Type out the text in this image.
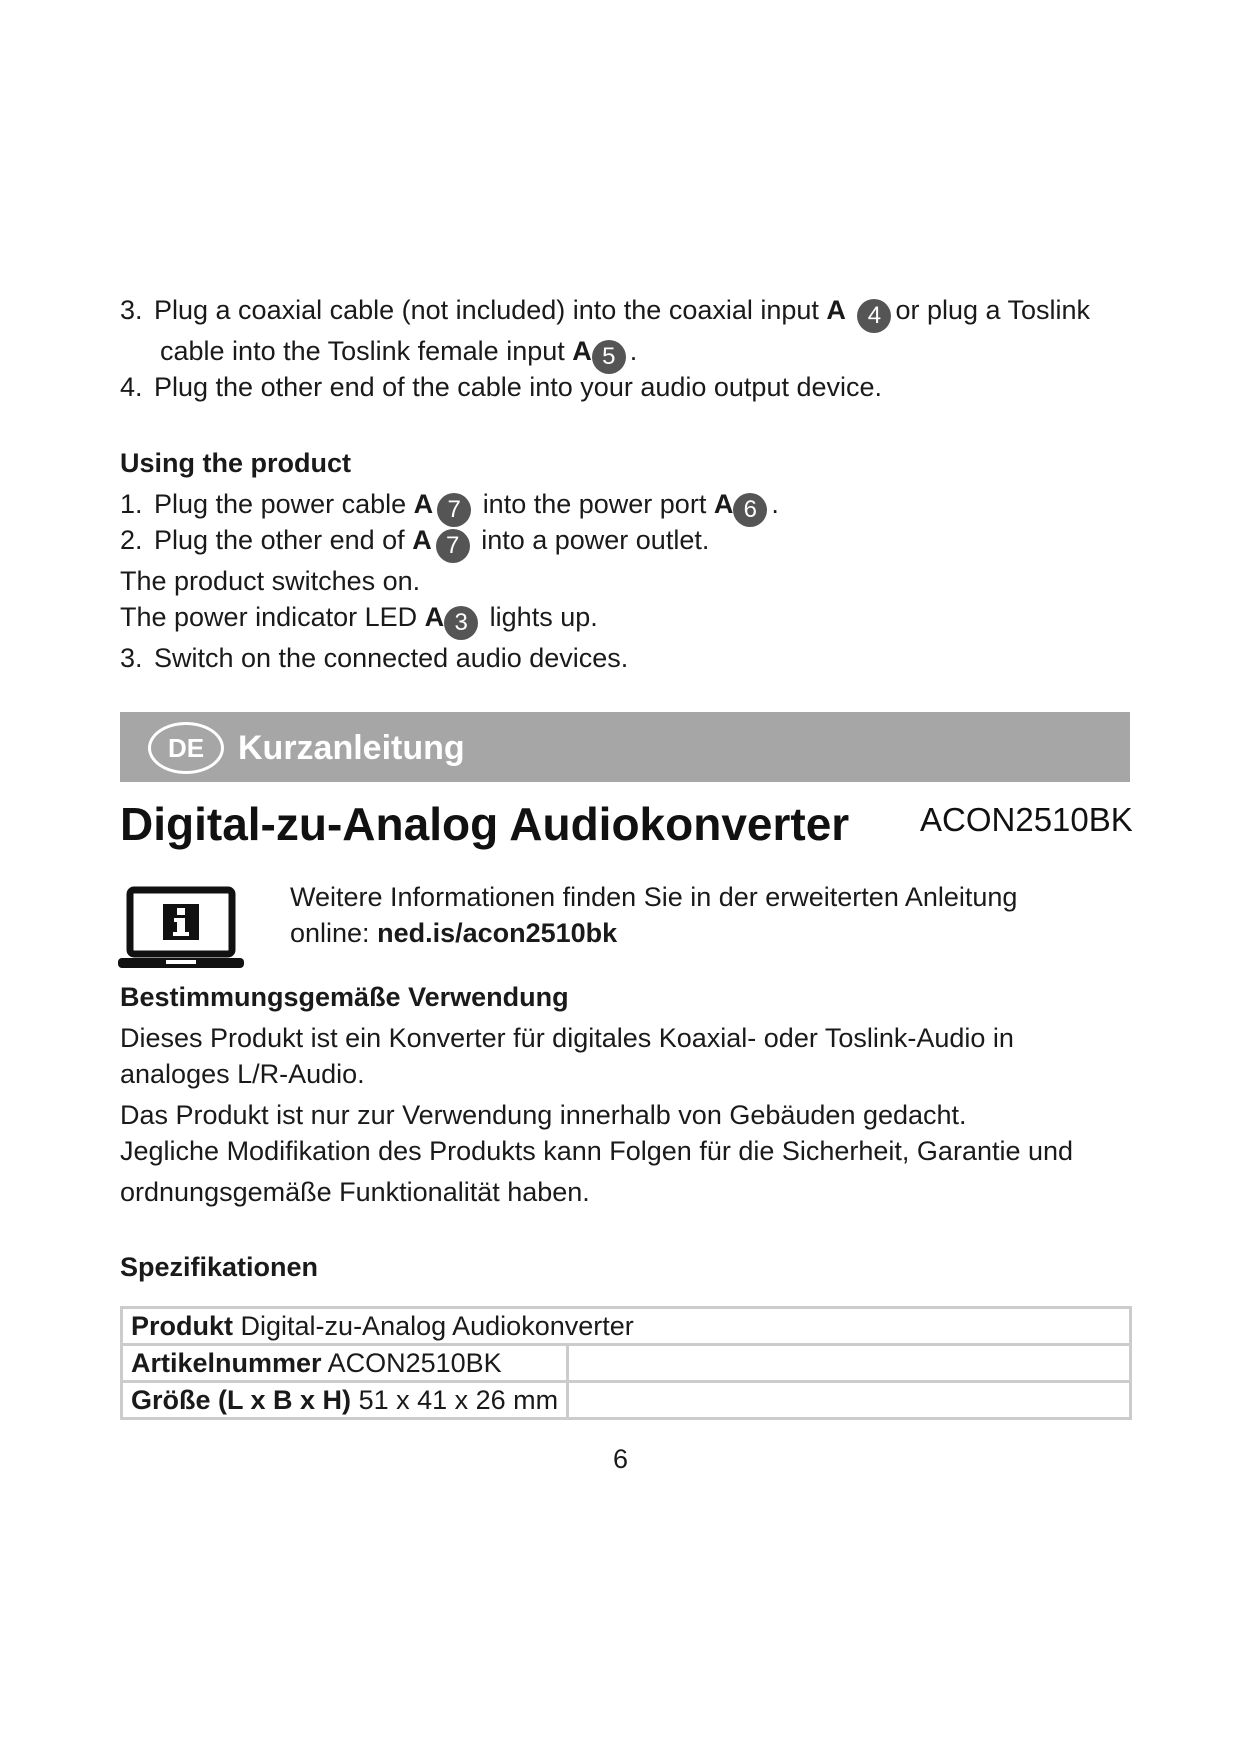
3. Plug a coaxial cable (not included) into the coaxial input A 4 or plug a Toslink
cable into the Toslink female input A 5 .
4. Plug the other end of the cable into your audio output device.
Using the product
1. Plug the power cable A 7 into the power port A 6 .
2. Plug the other end of A 7 into a power outlet.
The product switches on.
The power indicator LED A 3 lights up.
3. Switch on the connected audio devices.
DE Kurzanleitung
Digital-zu-Analog Audiokonverter ACON2510BK
Weitere Informationen finden Sie in der erweiterten Anleitung
online: ned.is/acon2510bk
Bestimmungsgemäße Verwendung
Dieses Produkt ist ein Konverter für digitales Koaxial- oder Toslink-Audio in
analoges L/R-Audio.
Das Produkt ist nur zur Verwendung innerhalb von Gebäuden gedacht.
Jegliche Modifikation des Produkts kann Folgen für die Sicherheit, Garantie und
ordnungsgemäße Funktionalität haben.
Spezifikationen
Produkt Digital-zu-Analog Audiokonverter	
Artikelnummer ACON2510BK	
Größe (L x B x H) 51 x 41 x 26 mm	
6
